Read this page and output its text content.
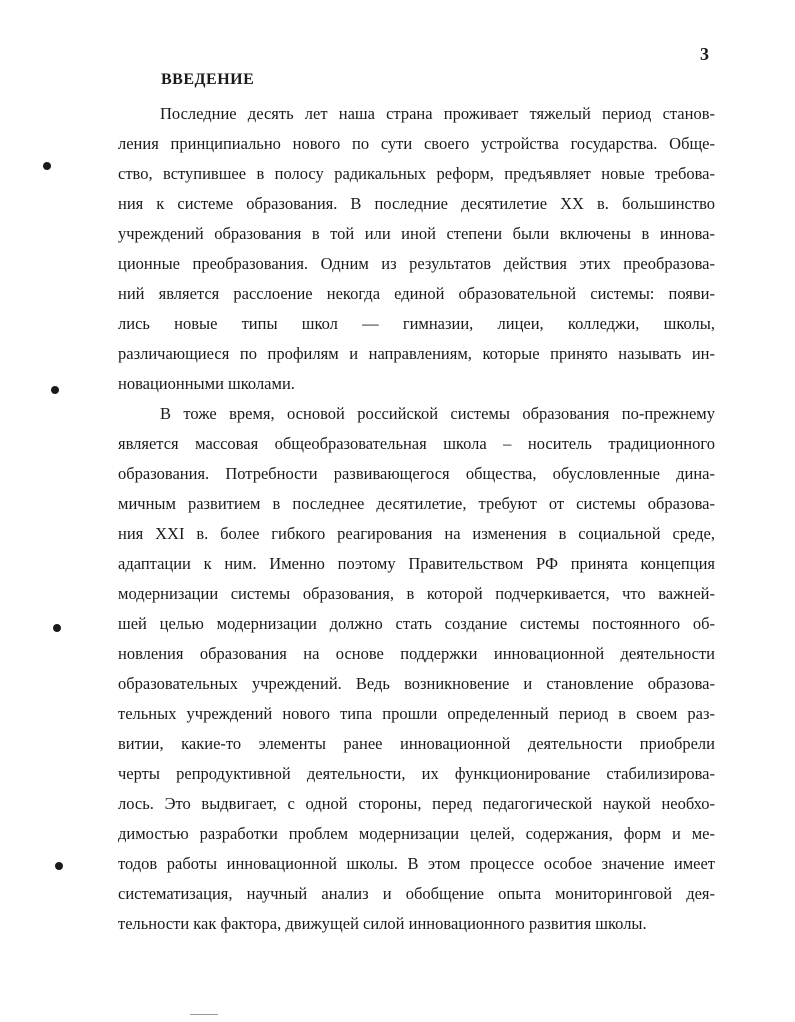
3
ВВЕДЕНИЕ
Последние десять лет наша страна проживает тяжелый период станов-
ления принципиально нового по сути своего устройства государства. Обще-
ство, вступившее в полосу радикальных реформ, предъявляет новые требова-
ния к системе образования. В последние десятилетие XX в. большинство
учреждений образования в той или иной степени были включены в иннова-
ционные преобразования. Одним из результатов действия этих преобразова-
ний является расслоение некогда единой образовательной системы: появи-
лись новые типы школ — гимназии, лицеи, колледжи, школы,
различающиеся по профилям и направлениям, которые принято называть ин-
новационными школами.
В тоже время, основой российской системы образования по-прежнему
является массовая общеобразовательная школа – носитель традиционного
образования. Потребности развивающегося общества, обусловленные дина-
мичным развитием в последнее десятилетие, требуют от системы образова-
ния XXI в. более гибкого реагирования на изменения в социальной среде,
адаптации к ним. Именно поэтому Правительством РФ принята концепция
модернизации системы образования, в которой подчеркивается, что важней-
шей целью модернизации должно стать создание системы постоянного об-
новления образования на основе поддержки инновационной деятельности
образовательных учреждений. Ведь возникновение и становление образова-
тельных учреждений нового типа прошли определенный период в своем раз-
витии, какие-то элементы ранее инновационной деятельности приобрели
черты репродуктивной деятельности, их функционирование стабилизирова-
лось. Это выдвигает, с одной стороны, перед педагогической наукой необхо-
димостью разработки проблем модернизации целей, содержания, форм и ме-
тодов работы инновационной школы. В этом процессе особое значение имеет
систематизация, научный анализ и обобщение опыта мониторинговой дея-
тельности как фактора, движущей силой инновационного развития школы.
